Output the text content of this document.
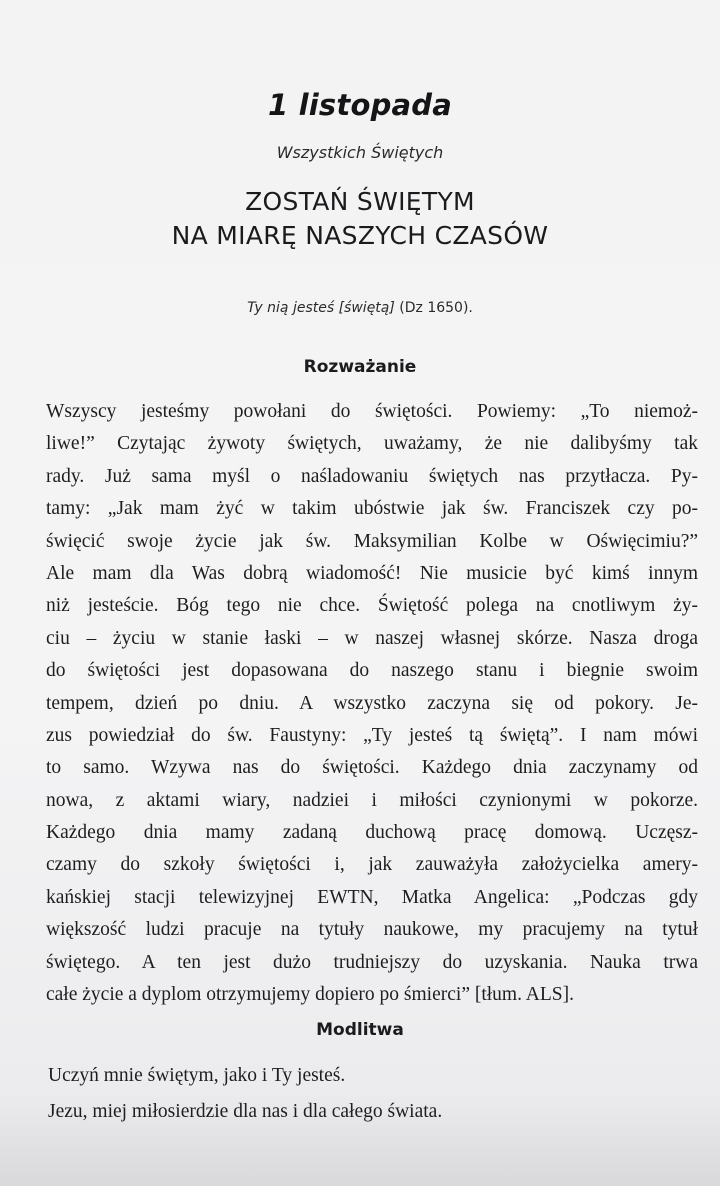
1 listopada
Wszystkich Świętych
ZOSTAŃ ŚWIĘTYM
NA MIARĘ NASZYCH CZASÓW
Ty nią jesteś [świętą] (Dz 1650).
Rozważanie
Wszyscy jesteśmy powołani do świętości. Powiemy: „To niemoż-
liwe!” Czytając żywoty świętych, uważamy, że nie dalibyśmy tak
rady. Już sama myśl o naśladowaniu świętych nas przytłacza. Py-
tamy: „Jak mam żyć w takim ubóstwie jak św. Franciszek czy po-
święcić swoje życie jak św. Maksymilian Kolbe w Oświęcimiu?”
Ale mam dla Was dobrą wiadomość! Nie musicie być kimś innym
niż jesteście. Bóg tego nie chce. Świętość polega na cnotliwym ży-
ciu – życiu w stanie łaski – w naszej własnej skórze. Nasza droga
do świętości jest dopasowana do naszego stanu i biegnie swoim
tempem, dzień po dniu. A wszystko zaczyna się od pokory. Je-
zus powiedział do św. Faustyny: „Ty jesteś tą świętą”. I nam mówi
to samo. Wzywa nas do świętości. Każdego dnia zaczynamy od
nowa, z aktami wiary, nadziei i miłości czynionymi w pokorze.
Każdego dnia mamy zadaną duchową pracę domową. Uczęsz-
czamy do szkoły świętości i, jak zauważyła założycielka amery-
kańskiej stacji telewizyjnej EWTN, Matka Angelica: „Podczas gdy
większość ludzi pracuje na tytuły naukowe, my pracujemy na tytuł
świętego. A ten jest dużo trudniejszy do uzyskania. Nauka trwa
całe życie a dyplom otrzymujemy dopiero po śmierci” [tłum. ALS].
Modlitwa
Uczyń mnie świętym, jako i Ty jesteś.
Jezu, miej miłosierdzie dla nas i dla całego świata.
